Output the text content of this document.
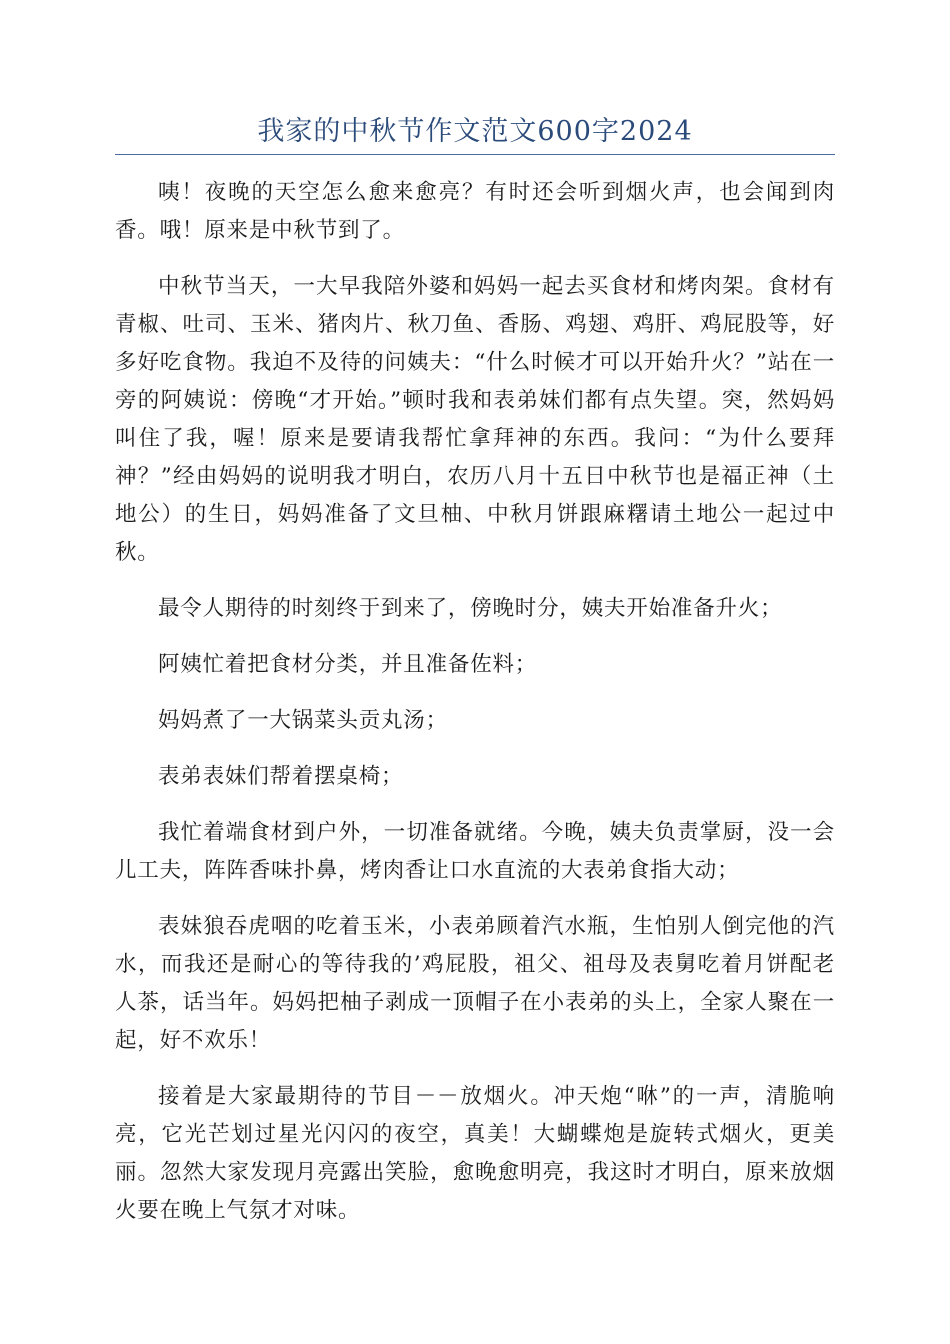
我家的中秋节作文范文600字2024

咦！夜晚的天空怎么愈来愈亮？有时还会听到烟火声，也会闻到肉香。哦！原来是中秋节到了。

中秋节当天，一大早我陪外婆和妈妈一起去买食材和烤肉架。食材有青椒、吐司、玉米、猪肉片、秋刀鱼、香肠、鸡翅、鸡肝、鸡屁股等，好多好吃食物。我迫不及待的问姨夫：“什么时候才可以开始升火？”站在一旁的阿姨说：傍晚“才开始。”顿时我和表弟妹们都有点失望。突，然妈妈叫住了我，喔！原来是要请我帮忙拿拜神的东西。我问：“为什么要拜神？”经由妈妈的说明我才明白，农历八月十五日中秋节也是福正神（土地公）的生日，妈妈准备了文旦柚、中秋月饼跟麻糬请土地公一起过中秋。

最令人期待的时刻终于到来了，傍晚时分，姨夫开始准备升火；

阿姨忙着把食材分类，并且准备佐料；

妈妈煮了一大锅菜头贡丸汤；

表弟表妹们帮着摆桌椅；

我忙着端食材到户外，一切准备就绪。今晚，姨夫负责掌厨，没一会儿工夫，阵阵香味扑鼻，烤肉香让口水直流的大表弟食指大动；

表妹狼吞虎咽的吃着玉米，小表弟顾着汽水瓶，生怕别人倒完他的汽水，而我还是耐心的等待我的’鸡屁股，祖父、祖母及表舅吃着月饼配老人茶，话当年。妈妈把柚子剥成一顶帽子在小表弟的头上，全家人聚在一起，好不欢乐！

接着是大家最期待的节目－－放烟火。冲天炮“咻”的一声，清脆响亮，它光芒划过星光闪闪的夜空，真美！大蝴蝶炮是旋转式烟火，更美丽。忽然大家发现月亮露出笑脸，愈晚愈明亮，我这时才明白，原来放烟火要在晚上气氛才对味。
